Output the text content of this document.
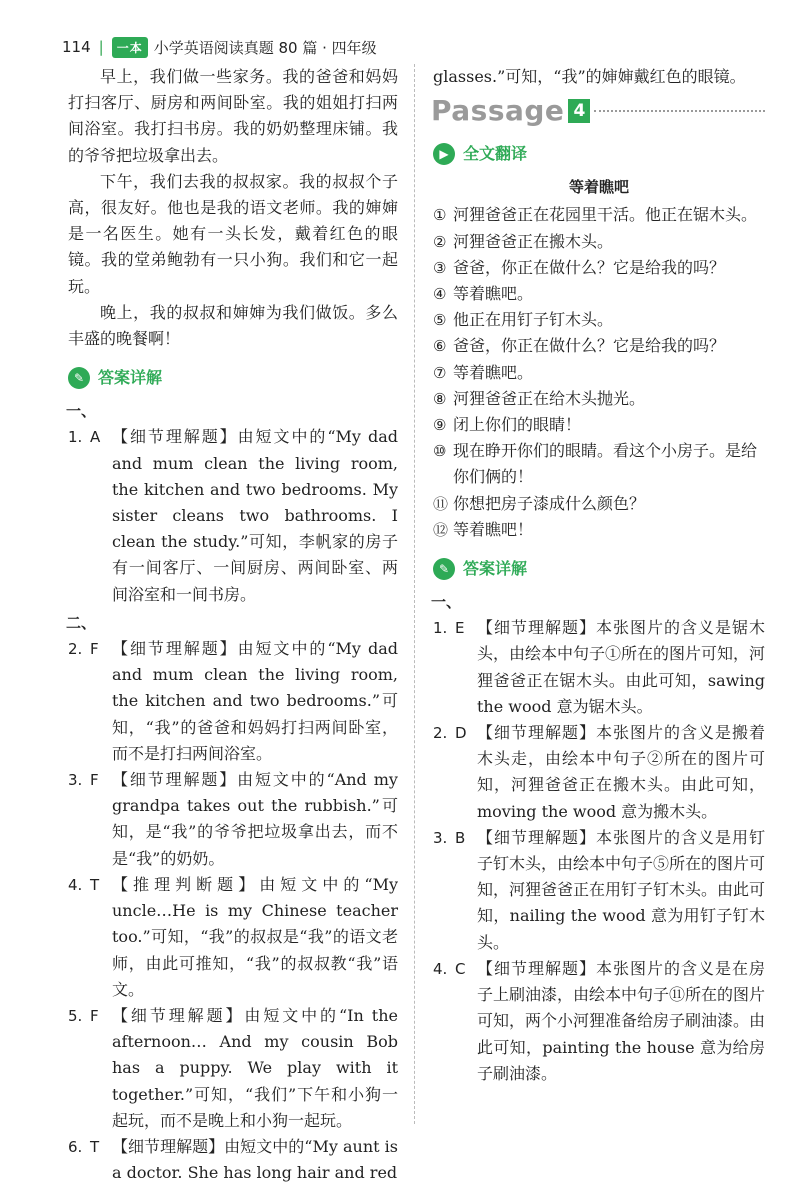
114 |	一本 小学英语阅读真题 80 篇 · 四年级

早上，我们做一些家务。我的爸爸和妈妈打扫客厅、厨房和两间卧室。我的姐姐打扫两间浴室。我打扫书房。我的奶奶整理床铺。我的爷爷把垃圾拿出去。

下午，我们去我的叔叔家。我的叔叔个子高，很友好。他也是我的语文老师。我的婶婶是一名医生。她有一头长发，戴着红色的眼镜。我的堂弟鲍勃有一只小狗。我们和它一起玩。

晚上，我的叔叔和婶婶为我们做饭。多么丰盛的晚餐啊！

✎ 答案详解
一、
1. A 【细节理解题】由短文中的“My dad and mum clean the living room, the kitchen and two bedrooms. My sister cleans two bathrooms. I clean the study.”可知，李帆家的房子有一间客厅、一间厨房、两间卧室、两间浴室和一间书房。
二、
2. F 【细节理解题】由短文中的“My dad and mum clean the living room, the kitchen and two bedrooms.”可知，“我”的爸爸和妈妈打扫两间卧室，而不是打扫两间浴室。
3. F 【细节理解题】由短文中的“And my grandpa takes out the rubbish.”可知，是“我”的爷爷把垃圾拿出去，而不是“我”的奶奶。
4. T 【推理判断题】由短文中的“My uncle…He is my Chinese teacher too.”可知，“我”的叔叔是“我”的语文老师，由此可推知，“我”的叔叔教“我”语文。
5. F 【细节理解题】由短文中的“In the afternoon… And my cousin Bob has a puppy. We play with it together.”可知，“我们”下午和小狗一起玩，而不是晚上和小狗一起玩。
6. T 【细节理解题】由短文中的“My aunt is a doctor. She has long hair and red

glasses.”可知，“我”的婶婶戴红色的眼镜。

Passage 4
▶ 全文翻译
等着瞧吧
① 河狸爸爸正在花园里干活。他正在锯木头。
② 河狸爸爸正在搬木头。
③ 爸爸，你正在做什么？它是给我的吗？
④ 等着瞧吧。
⑤ 他正在用钉子钉木头。
⑥ 爸爸，你正在做什么？它是给我的吗？
⑦ 等着瞧吧。
⑧ 河狸爸爸正在给木头抛光。
⑨ 闭上你们的眼睛！
⑩ 现在睁开你们的眼睛。看这个小房子。是给你们俩的！
⑪ 你想把房子漆成什么颜色？
⑫ 等着瞧吧！
✎ 答案详解
一、
1. E 【细节理解题】本张图片的含义是锯木头，由绘本中句子①所在的图片可知，河狸爸爸正在锯木头。由此可知，sawing the wood 意为锯木头。
2. D 【细节理解题】本张图片的含义是搬着木头走，由绘本中句子②所在的图片可知，河狸爸爸正在搬木头。由此可知，moving the wood 意为搬木头。
3. B 【细节理解题】本张图片的含义是用钉子钉木头，由绘本中句子⑤所在的图片可知，河狸爸爸正在用钉子钉木头。由此可知，nailing the wood 意为用钉子钉木头。
4. C 【细节理解题】本张图片的含义是在房子上刷油漆，由绘本中句子⑪所在的图片可知，两个小河狸准备给房子刷油漆。由此可知，painting the house 意为给房子刷油漆。
